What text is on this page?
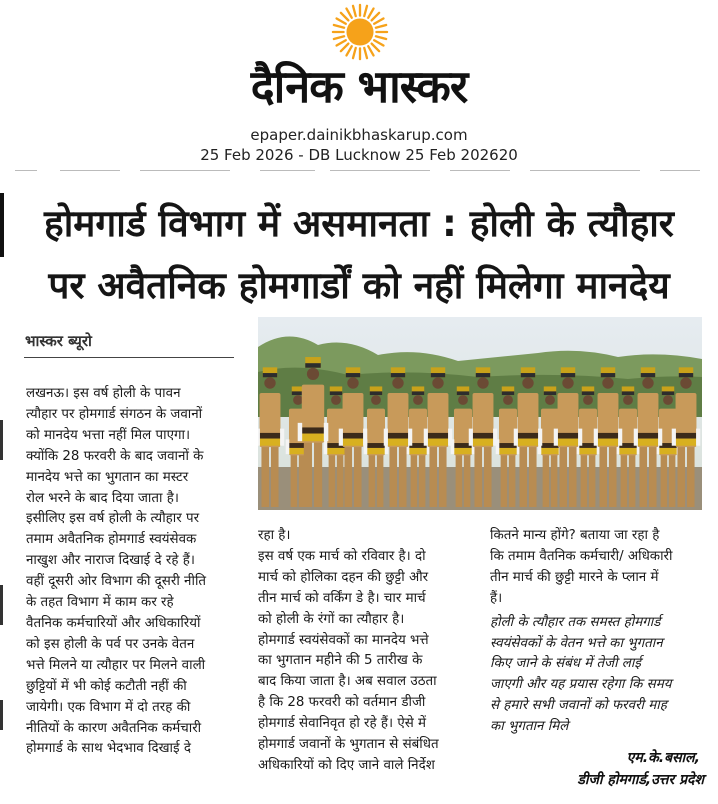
दैनिक भास्कर
epaper.dainikbhaskarup.com
25 Feb 2026 - DB Lucknow 25 Feb 202620
होमगार्ड विभाग में असमानता : होली के त्यौहार
पर अवैतनिक होमगार्डों को नहीं मिलेगा मानदेय
भास्कर ब्यूरो
लखनऊ। इस वर्ष होली के पावन
त्यौहार पर होमगार्ड संगठन के जवानों
को मानदेय भत्ता नहीं मिल पाएगा।
क्योंकि 28 फरवरी के बाद जवानों के
मानदेय भत्ते का भुगतान का मस्टर
रोल भरने के बाद दिया जाता है।
इसीलिए इस वर्ष होली के त्यौहार पर
तमाम अवैतनिक होमगार्ड स्वयंसेवक
नाखुश और नाराज दिखाई दे रहे हैं।
वहीं दूसरी ओर विभाग की दूसरी नीति
के तहत विभाग में काम कर रहे
वैतनिक कर्मचारियों और अधिकारियों
को इस होली के पर्व पर उनके वेतन
भत्ते मिलने या त्यौहार पर मिलने वाली
छुट्टियों में भी कोई कटौती नहीं की
जायेगी। एक विभाग में दो तरह की
नीतियों के कारण अवैतनिक कर्मचारी
होमगार्ड के साथ भेदभाव दिखाई दे
रहा है।
इस वर्ष एक मार्च को रविवार है। दो
मार्च को होलिका दहन की छुट्टी और
तीन मार्च को वर्किंग डे है। चार मार्च
को होली के रंगों का त्यौहार है।
होमगार्ड स्वयंसेवकों का मानदेय भत्ते
का भुगतान महीने की 5 तारीख के
बाद किया जाता है। अब सवाल उठता
है कि 28 फरवरी को वर्तमान डीजी
होमगार्ड सेवानिवृत हो रहे हैं। ऐसे में
होमगार्ड जवानों के भुगतान से संबंधित
अधिकारियों को दिए जाने वाले निर्देश
कितने मान्य होंगे? बताया जा रहा है
कि तमाम वैतनिक कर्मचारी/ अधिकारी
तीन मार्च की छुट्टी मारने के प्लान में
हैं।
होली के त्यौहार तक समस्त होमगार्ड
स्वयंसेवकों के वेतन भत्ते का भुगतान
किए जाने के संबंध में तेजी लाई
जाएगी और यह प्रयास रहेगा कि समय
से हमारे सभी जवानों को फरवरी माह
का भुगतान मिले
एम.के.बसाल,
डीजी होमगार्ड,उत्तर प्रदेश
